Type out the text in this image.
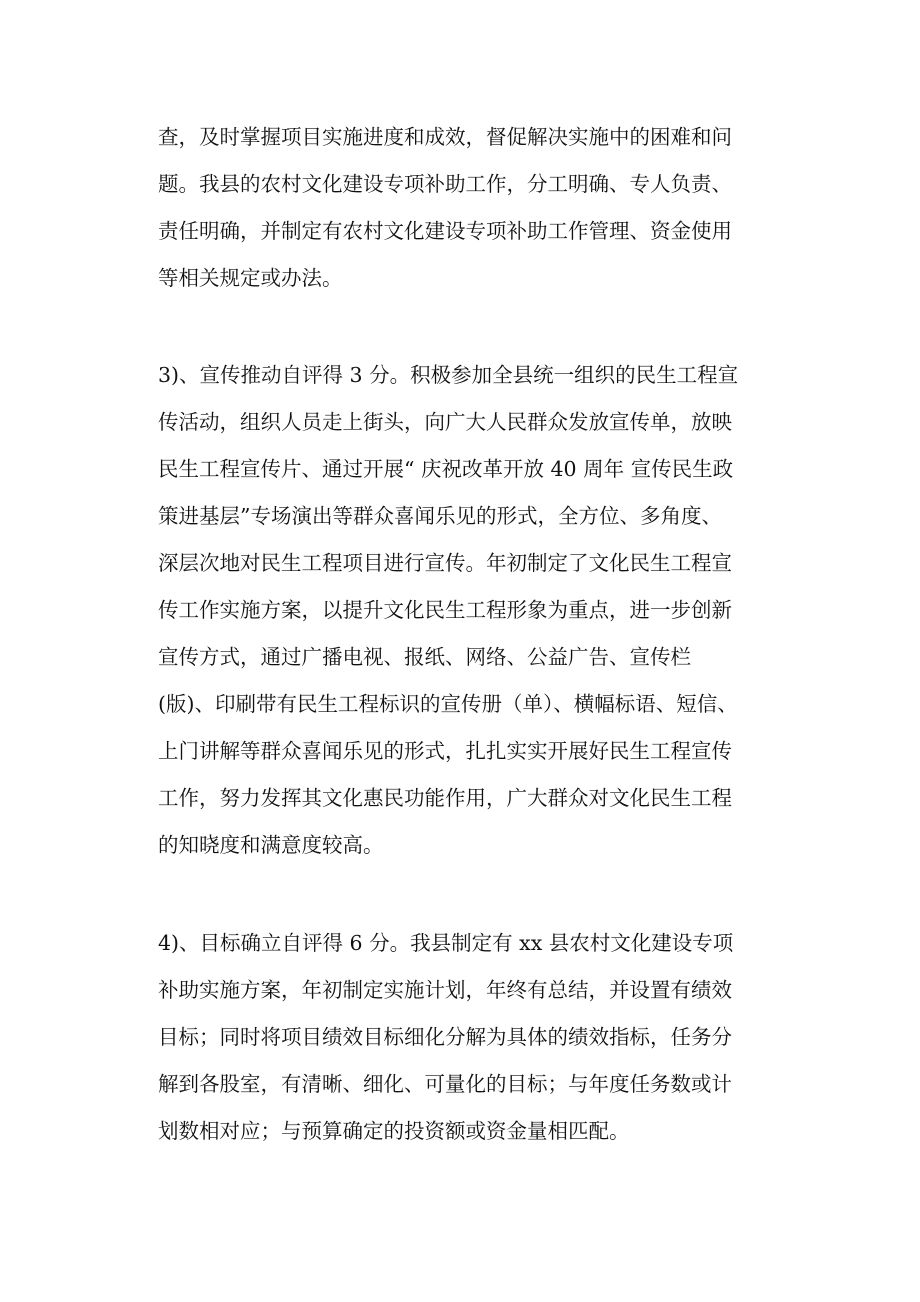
查，及时掌握项目实施进度和成效，督促解决实施中的困难和问
题。我县的农村文化建设专项补助工作，分工明确、专人负责、
责任明确，并制定有农村文化建设专项补助工作管理、资金使用
等相关规定或办法。
3)、宣传推动自评得 3 分。积极参加全县统一组织的民生工程宣
传活动，组织人员走上街头，向广大人民群众发放宣传单，放映
民生工程宣传片、通过开展“ 庆祝改革开放 40 周年 宣传民生政
策进基层”专场演出等群众喜闻乐见的形式，全方位、多角度、
深层次地对民生工程项目进行宣传。年初制定了文化民生工程宣
传工作实施方案，以提升文化民生工程形象为重点，进一步创新
宣传方式，通过广播电视、报纸、网络、公益广告、宣传栏
(版)、印刷带有民生工程标识的宣传册（单）、横幅标语、短信、
上门讲解等群众喜闻乐见的形式，扎扎实实开展好民生工程宣传
工作，努力发挥其文化惠民功能作用，广大群众对文化民生工程
的知晓度和满意度较高。
4)、目标确立自评得 6 分。我县制定有 xx 县农村文化建设专项
补助实施方案，年初制定实施计划，年终有总结，并设置有绩效
目标；同时将项目绩效目标细化分解为具体的绩效指标，任务分
解到各股室，有清晰、细化、可量化的目标；与年度任务数或计
划数相对应；与预算确定的投资额或资金量相匹配。
